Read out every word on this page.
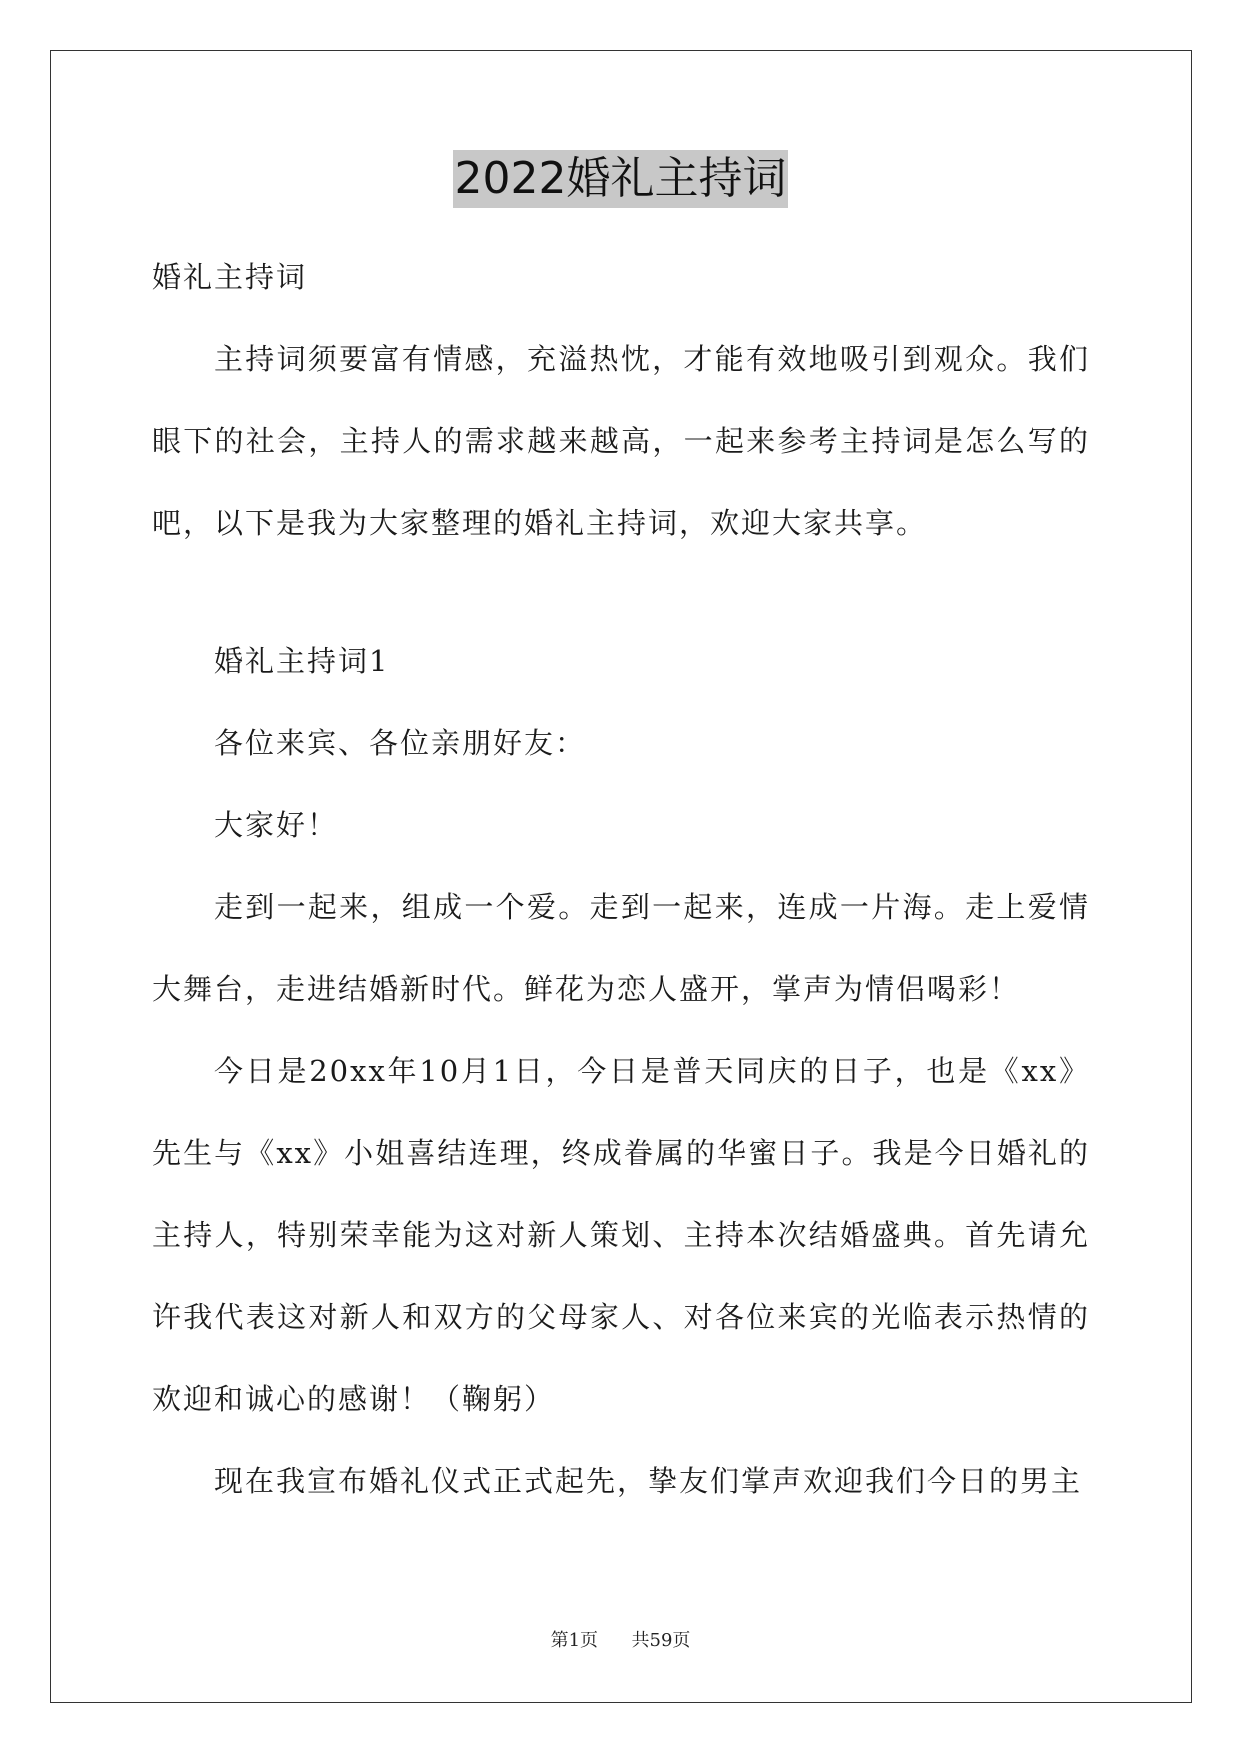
2022婚礼主持词

婚礼主持词

主持词须要富有情感，充溢热忱，才能有效地吸引到观众。我们眼下的社会，主持人的需求越来越高，一起来参考主持词是怎么写的吧，以下是我为大家整理的婚礼主持词，欢迎大家共享。

婚礼主持词1

各位来宾、各位亲朋好友：

大家好！

走到一起来，组成一个爱。走到一起来，连成一片海。走上爱情大舞台，走进结婚新时代。鲜花为恋人盛开，掌声为情侣喝彩！

今日是20xx年10月1日，今日是普天同庆的日子，也是《xx》先生与《xx》小姐喜结连理，终成眷属的华蜜日子。我是今日婚礼的主持人，特别荣幸能为这对新人策划、主持本次结婚盛典。首先请允许我代表这对新人和双方的父母家人、对各位来宾的光临表示热情的欢迎和诚心的感谢！（鞠躬）

现在我宣布婚礼仪式正式起先，挚友们掌声欢迎我们今日的男主

第1页 共59页
